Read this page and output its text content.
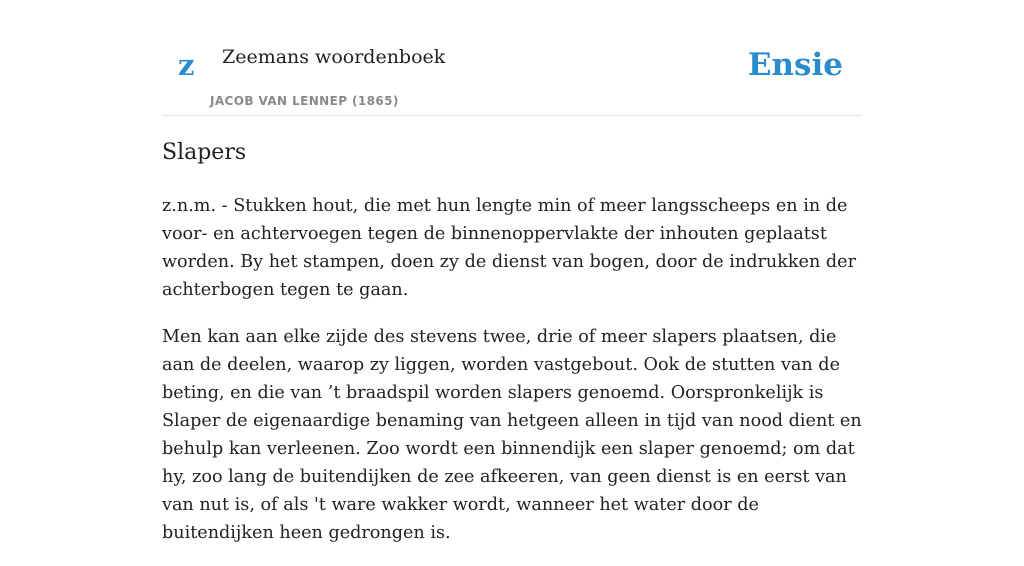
z Zeemans woordenboek
JACOB VAN LENNEP (1865)
Ensie
Slapers

z.n.m. - Stukken hout, die met hun lengte min of meer langsscheeps en in de voor- en achtervoegen tegen de binnenoppervlakte der inhouten geplaatst worden. By het stampen, doen zy de dienst van bogen, door de indrukken der achterbogen tegen te gaan.

Men kan aan elke zijde des stevens twee, drie of meer slapers plaatsen, die aan de deelen, waarop zy liggen, worden vastgebout. Ook de stutten van de beting, en die van ’t braadspil worden slapers genoemd. Oorspronkelijk is Slaper de eigenaardige benaming van hetgeen alleen in tijd van nood dient en behulp kan verleenen. Zoo wordt een binnendijk een slaper genoemd; om dat hy, zoo lang de buitendijken de zee afkeeren, van geen dienst is en eerst van van nut is, of als 't ware wakker wordt, wanneer het water door de buitendijken heen gedrongen is.
